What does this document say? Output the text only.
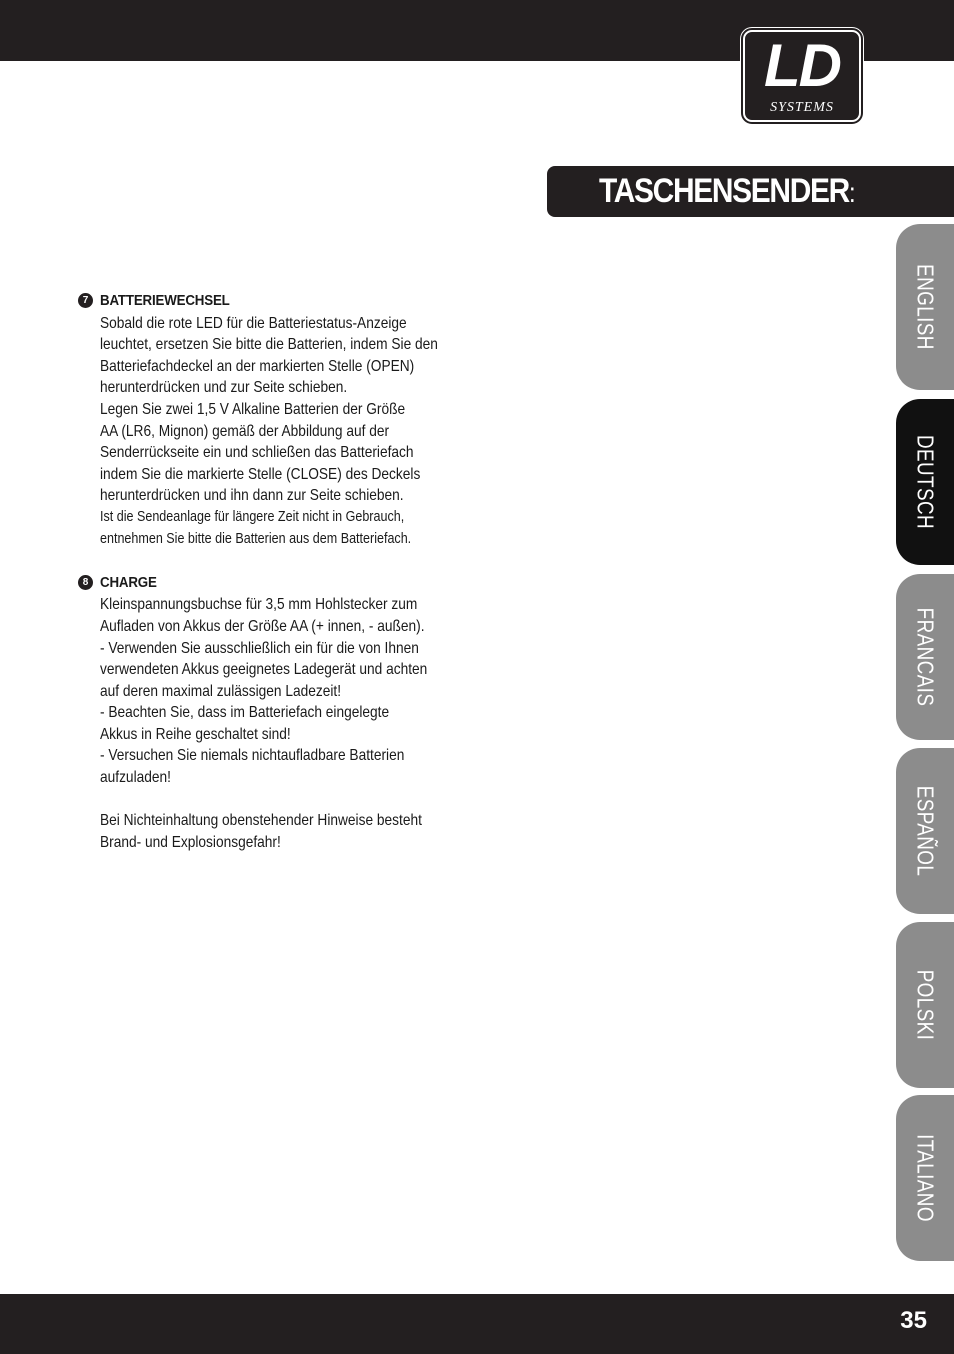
LD
SYSTEMS
TASCHENSENDER:
ENGLISH
DEUTSCH
FRANCAIS
ESPAÑOL
POLSKI
ITALIANO
7 BATTERIEWECHSEL
Sobald die rote LED für die Batteriestatus-Anzeige
leuchtet, ersetzen Sie bitte die Batterien, indem Sie den
Batteriefachdeckel an der markierten Stelle (OPEN)
herunterdrücken und zur Seite schieben.
Legen Sie zwei 1,5 V Alkaline Batterien der Größe
AA (LR6, Mignon) gemäß der Abbildung auf der
Senderrückseite ein und schließen das Batteriefach
indem Sie die markierte Stelle (CLOSE) des Deckels
herunterdrücken und ihn dann zur Seite schieben.
Ist die Sendeanlage für längere Zeit nicht in Gebrauch,
entnehmen Sie bitte die Batterien aus dem Batteriefach.
8 CHARGE
Kleinspannungsbuchse für 3,5 mm Hohlstecker zum
Aufladen von Akkus der Größe AA (+ innen, - außen).
- Verwenden Sie ausschließlich ein für die von Ihnen
verwendeten Akkus geeignetes Ladegerät und achten
auf deren maximal zulässigen Ladezeit!
- Beachten Sie, dass im Batteriefach eingelegte
Akkus in Reihe geschaltet sind!
- Versuchen Sie niemals nichtaufladbare Batterien
aufzuladen!
Bei Nichteinhaltung obenstehender Hinweise besteht
Brand- und Explosionsgefahr!
35
